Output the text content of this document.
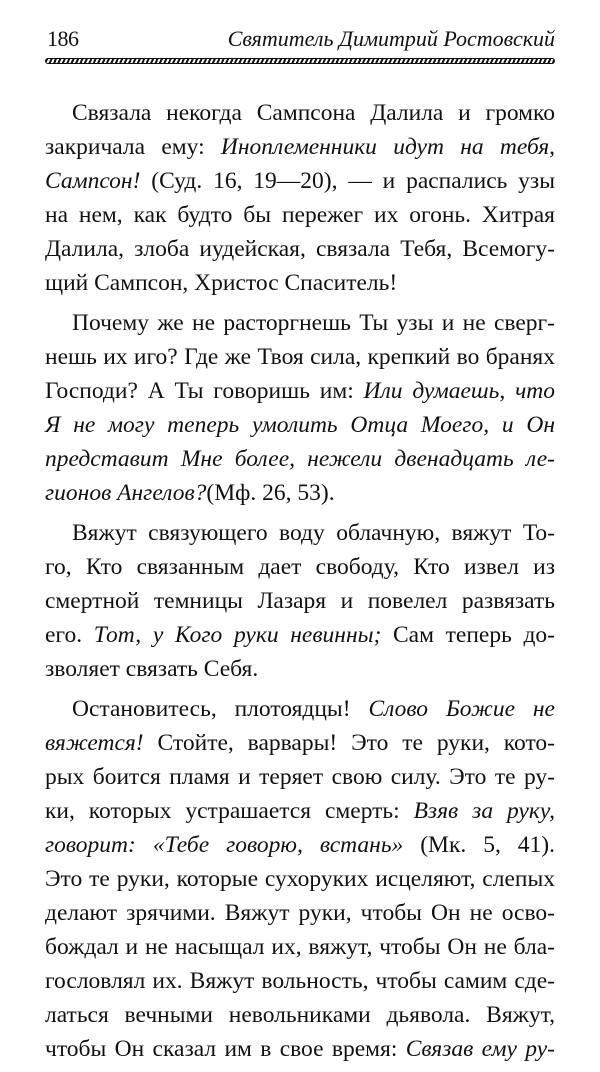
186	Святитель Димитрий Ростовский
Связала некогда Сампсона Далила и громко
закричала ему: Иноплеменники идут на тебя,
Сампсон! (Суд. 16, 19—20), — и распались узы
на нем, как будто бы пережег их огонь. Хитрая
Далила, злоба иудейская, связала Тебя, Всемогу-
щий Сампсон, Христос Спаситель!
Почему же не расторгнешь Ты узы и не сверг-
нешь их иго? Где же Твоя сила, крепкий во бранях
Господи? А Ты говоришь им: Или думаешь, что
Я не могу теперь умолить Отца Моего, и Он
представит Мне более, нежели двенадцать ле-
гионов Ангелов?(Мф. 26, 53).
Вяжут связующего воду облачную, вяжут То-
го, Кто связанным дает свободу, Кто извел из
смертной темницы Лазаря и повелел развязать
его. Тот, у Кого руки невинны; Сам теперь до-
зволяет связать Себя.
Остановитесь, плотоядцы! Слово Божие не
вяжется! Стойте, варвары! Это те руки, кото-
рых боится пламя и теряет свою силу. Это те ру-
ки, которых устрашается смерть: Взяв за руку,
говорит: «Тебе говорю, встань» (Мк. 5, 41).
Это те руки, которые сухоруких исцеляют, слепых
делают зрячими. Вяжут руки, чтобы Он не осво-
бождал и не насыщал их, вяжут, чтобы Он не бла-
гословлял их. Вяжут вольность, чтобы самим сде-
латься вечными невольниками дьявола. Вяжут,
чтобы Он сказал им в свое время: Связав ему ру-
